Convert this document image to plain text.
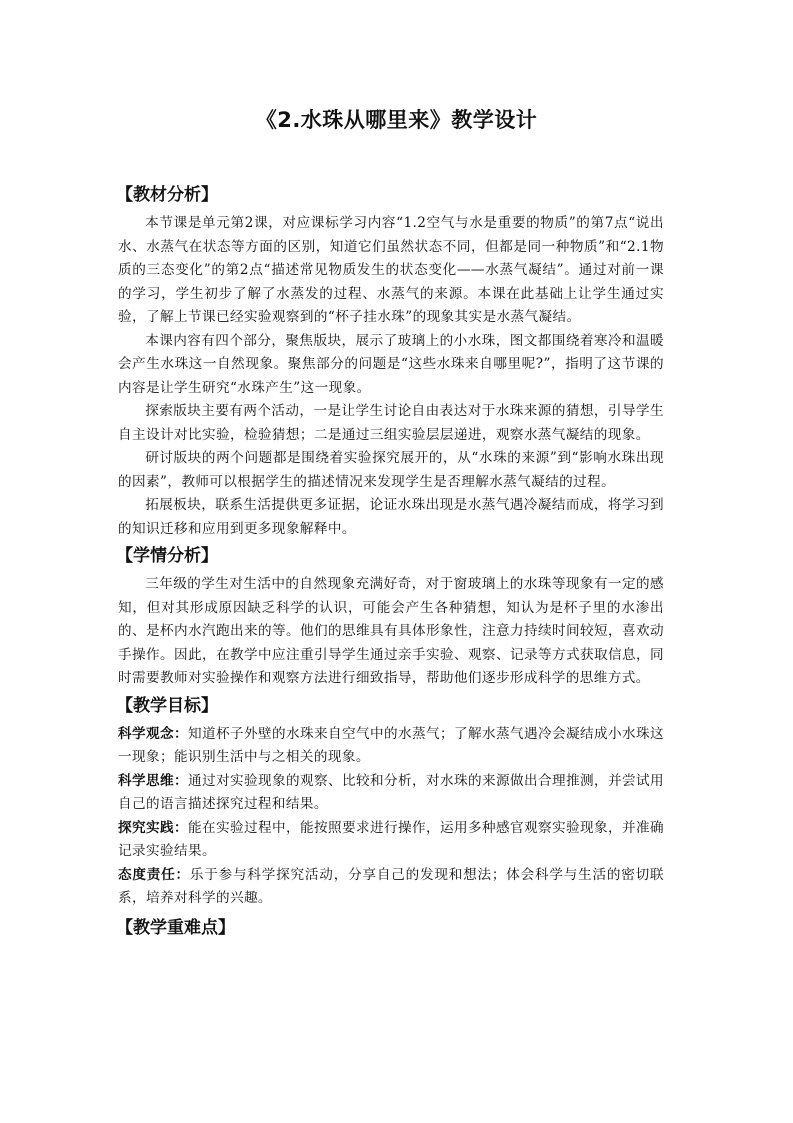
《2.水珠从哪里来》教学设计
【教材分析】

本节课是单元第2课，对应课标学习内容“1.2空气与水是重要的物质”的第7点“说出水、水蒸气在状态等方面的区别，知道它们虽然状态不同，但都是同一种物质”和“2.1物质的三态变化”的第2点“描述常见物质发生的状态变化——水蒸气凝结”。通过对前一课的学习，学生初步了解了水蒸发的过程、水蒸气的来源。本课在此基础上让学生通过实验，了解上节课已经实验观察到的“杯子挂水珠”的现象其实是水蒸气凝结。

本课内容有四个部分，聚焦版块，展示了玻璃上的小水珠，图文都围绕着寒冷和温暖会产生水珠这一自然现象。聚焦部分的问题是“这些水珠来自哪里呢?”，指明了这节课的内容是让学生研究“水珠产生”这一现象。

探索版块主要有两个活动，一是让学生讨论自由表达对于水珠来源的猜想，引导学生自主设计对比实验，检验猜想；二是通过三组实验层层递进，观察水蒸气凝结的现象。

研讨版块的两个问题都是围绕着实验探究展开的，从“水珠的来源”到“影响水珠出现的因素”，教师可以根据学生的描述情况来发现学生是否理解水蒸气凝结的过程。

拓展板块，联系生活提供更多证据，论证水珠出现是水蒸气遇冷凝结而成，将学习到的知识迁移和应用到更多现象解释中。

【学情分析】

三年级的学生对生活中的自然现象充满好奇，对于窗玻璃上的水珠等现象有一定的感知，但对其形成原因缺乏科学的认识，可能会产生各种猜想，知认为是杯子里的水渗出的、是杯内水汽跑出来的等。他们的思维具有具体形象性，注意力持续时间较短，喜欢动手操作。因此，在教学中应注重引导学生通过亲手实验、观察、记录等方式获取信息，同时需要教师对实验操作和观察方法进行细致指导，帮助他们逐步形成科学的思维方式。

【教学目标】

科学观念：知道杯子外壁的水珠来自空气中的水蒸气；了解水蒸气遇冷会凝结成小水珠这一现象；能识别生活中与之相关的现象。

科学思维：通过对实验现象的观察、比较和分析，对水珠的来源做出合理推测，并尝试用自己的语言描述探究过程和结果。

探究实践：能在实验过程中，能按照要求进行操作，运用多种感官观察实验现象，并准确记录实验结果。

态度责任：乐于参与科学探究活动，分享自己的发现和想法；体会科学与生活的密切联系，培养对科学的兴趣。

【教学重难点】
